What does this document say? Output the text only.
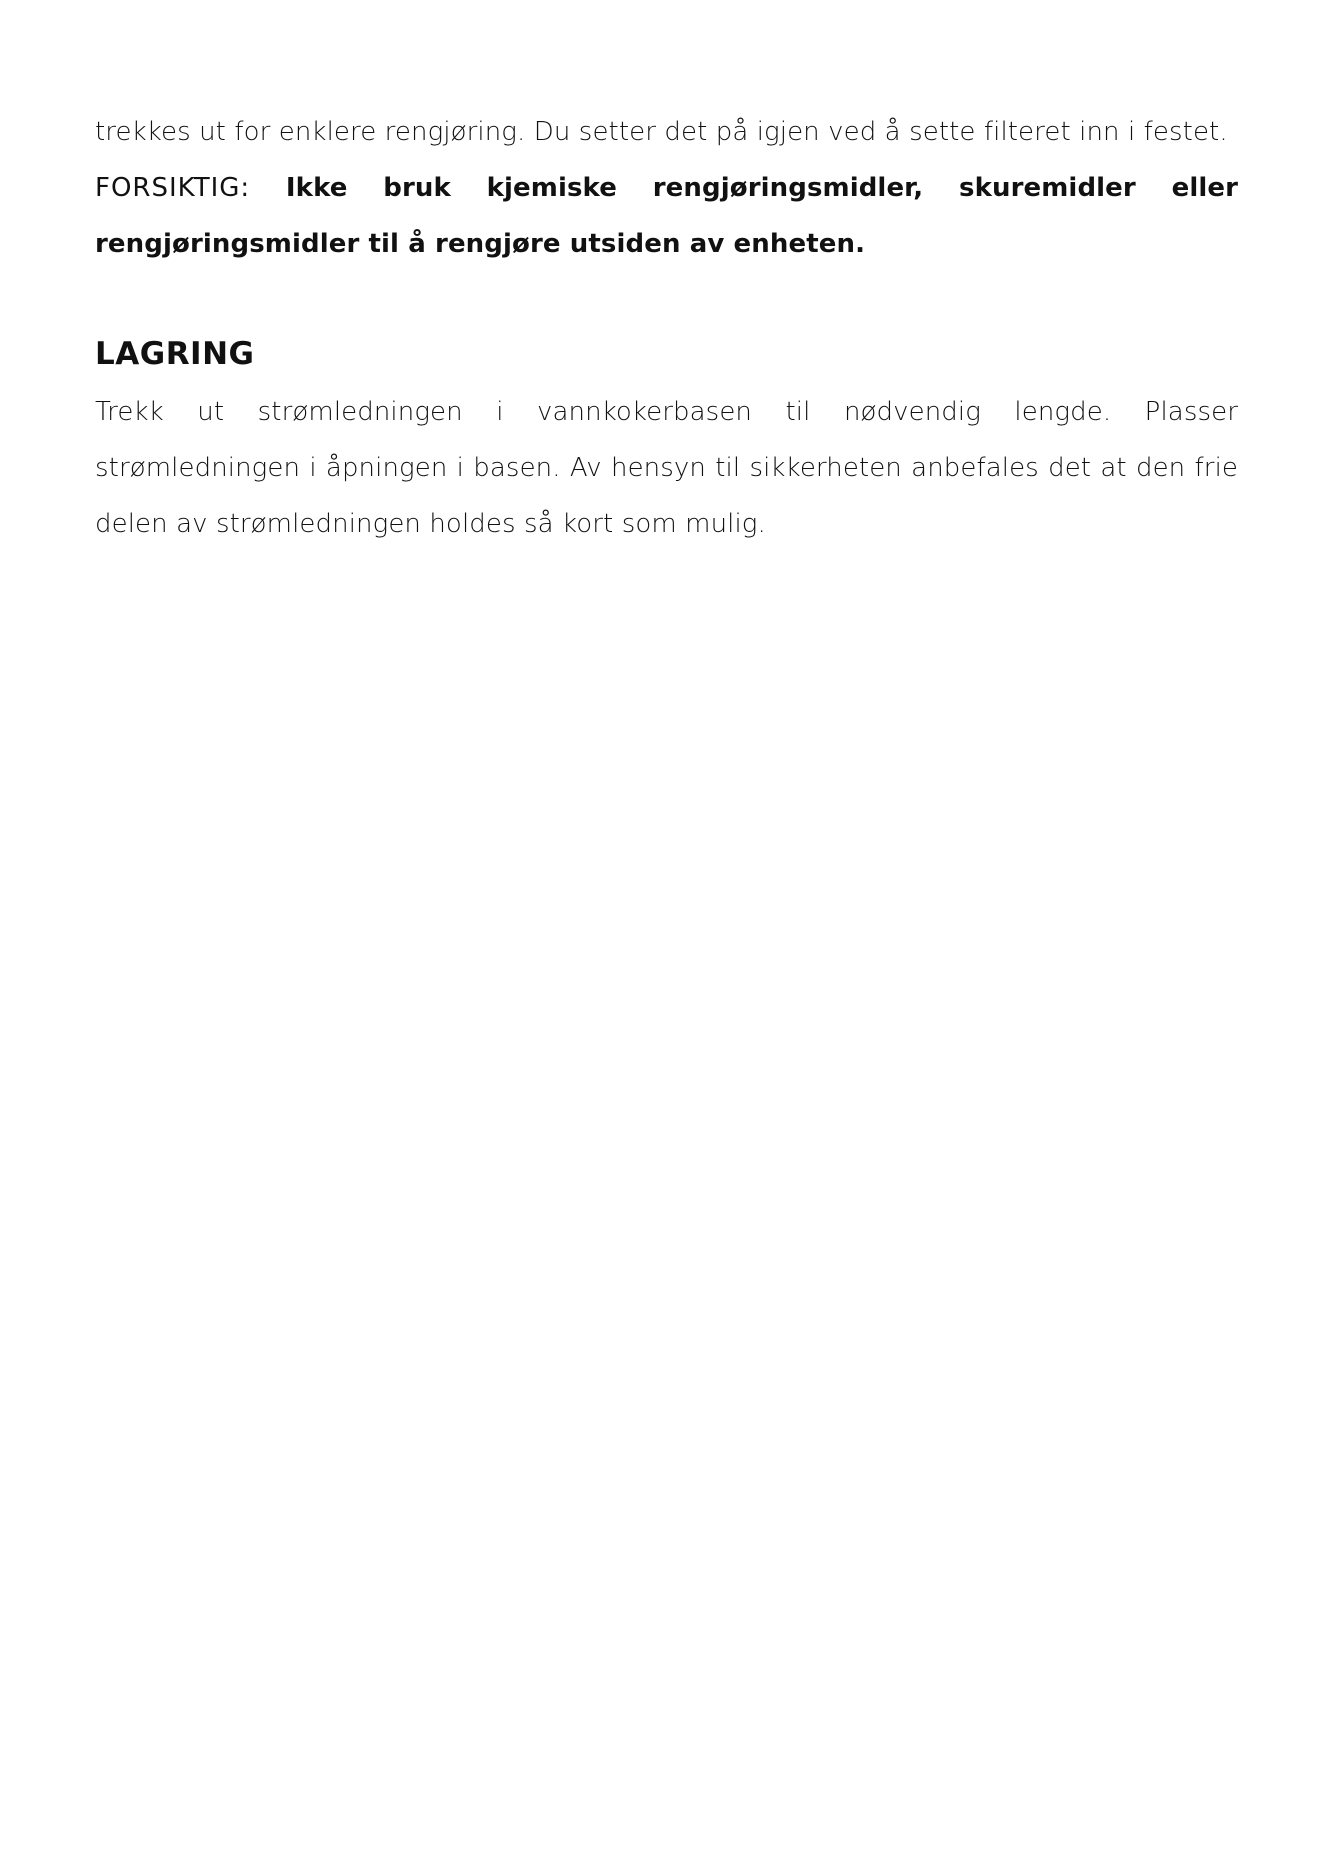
trekkes ut for enklere rengjøring. Du setter det på igjen ved å sette filteret inn i festet.

FORSIKTIG: Ikke bruk kjemiske rengjøringsmidler, skuremidler eller rengjøringsmidler til å rengjøre utsiden av enheten.

LAGRING

Trekk ut strømledningen i vannkokerbasen til nødvendig lengde. Plasser strømledningen i åpningen i basen. Av hensyn til sikkerheten anbefales det at den frie delen av strømledningen holdes så kort som mulig.
